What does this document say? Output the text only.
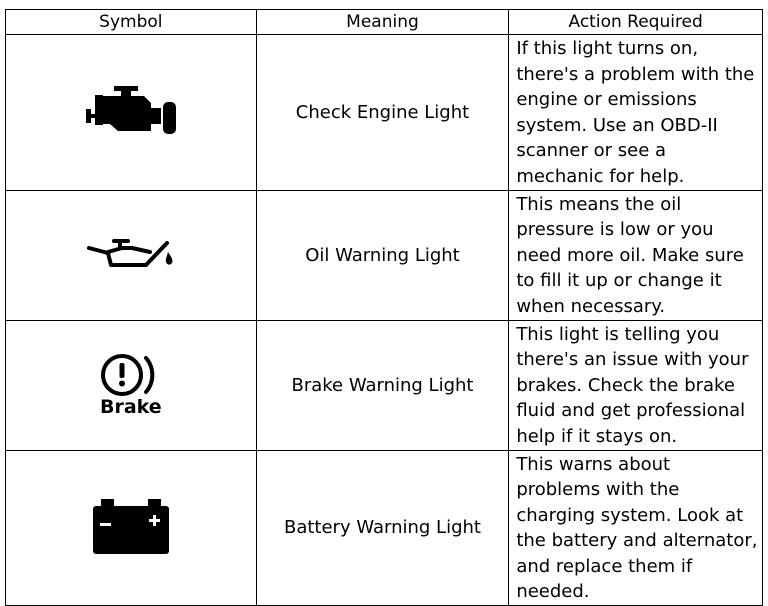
Symbol	Meaning	Action Required
	Check Engine Light	If this light turns on, there's a problem with the engine or emissions system. Use an OBD-II scanner or see a mechanic for help.
	Oil Warning Light	This means the oil pressure is low or you need more oil. Make sure to fill it up or change it when necessary.

Brake	Brake Warning Light	This light is telling you there's an issue with your brakes. Check the brake fluid and get professional help if it stays on.
	Battery Warning Light	This warns about problems with the charging system. Look at the battery and alternator, and replace them if needed.
